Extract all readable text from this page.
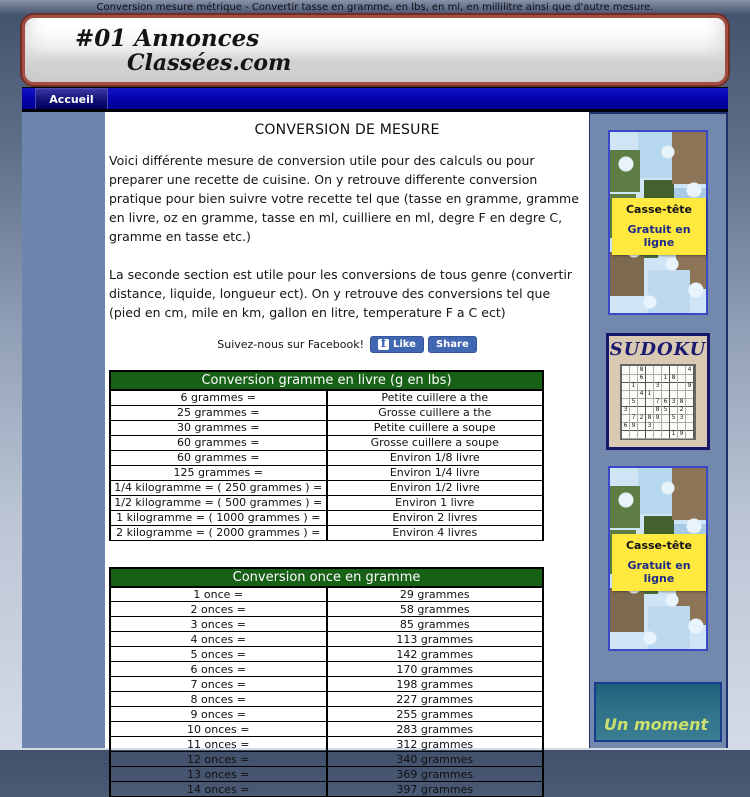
Conversion mesure métrique - Convertir tasse en gramme, en lbs, en ml, en millilitre ainsi que d'autre mesure.
#01 Annonces
Classées.com
Accueil
CONVERSION DE MESURE
Voici différente mesure de conversion utile pour des calculs ou pour preparer une recette de cuisine. On y retrouve differente conversion pratique pour bien suivre votre recette tel que (tasse en gramme, gramme en livre, oz en gramme, tasse en ml, cuilliere en ml, degre F en degre C, gramme en tasse etc.)
La seconde section est utile pour les conversions de tous genre (convertir distance, liquide, longueur ect). On y retrouve des conversions tel que (pied en cm, mile en km, gallon en litre, temperature F a C ect)
Suivez-nous sur Facebook! f Like Share
Conversion gramme en livre (g en lbs)	
6 grammes =	Petite cuillere a the
25 grammes =	Grosse cuillere a the
30 grammes =	Petite cuillere a soupe
60 grammes =	Grosse cuillere a soupe
60 grammes =	Environ 1/8 livre
125 grammes =	Environ 1/4 livre
1/4 kilogramme = ( 250 grammes ) =	Environ 1/2 livre
1/2 kilogramme = ( 500 grammes ) =	Environ 1 livre
1 kilogramme = ( 1000 grammes ) =	Environ 2 livres
2 kilogramme = ( 2000 grammes ) =	Environ 4 livres
Conversion once en gramme	
1 once =	29 grammes
2 onces =	58 grammes
3 onces =	85 grammes
4 onces =	113 grammes
5 onces =	142 grammes
6 onces =	170 grammes
7 onces =	198 grammes
8 onces =	227 grammes
9 onces =	255 grammes
10 onces =	283 grammes
11 onces =	312 grammes
12 onces =	340 grammes
13 onces =	369 grammes
14 onces =	397 grammes
Casse-tête
Gratuit en ligne
SUDOKU
8	4
6	1 8
1	3	9
4 1
5	7 6 3 8
3	8 5	2
7 2 8 9	5 3
6 9	3
1 9
Casse-tête
Gratuit en ligne
Un moment
